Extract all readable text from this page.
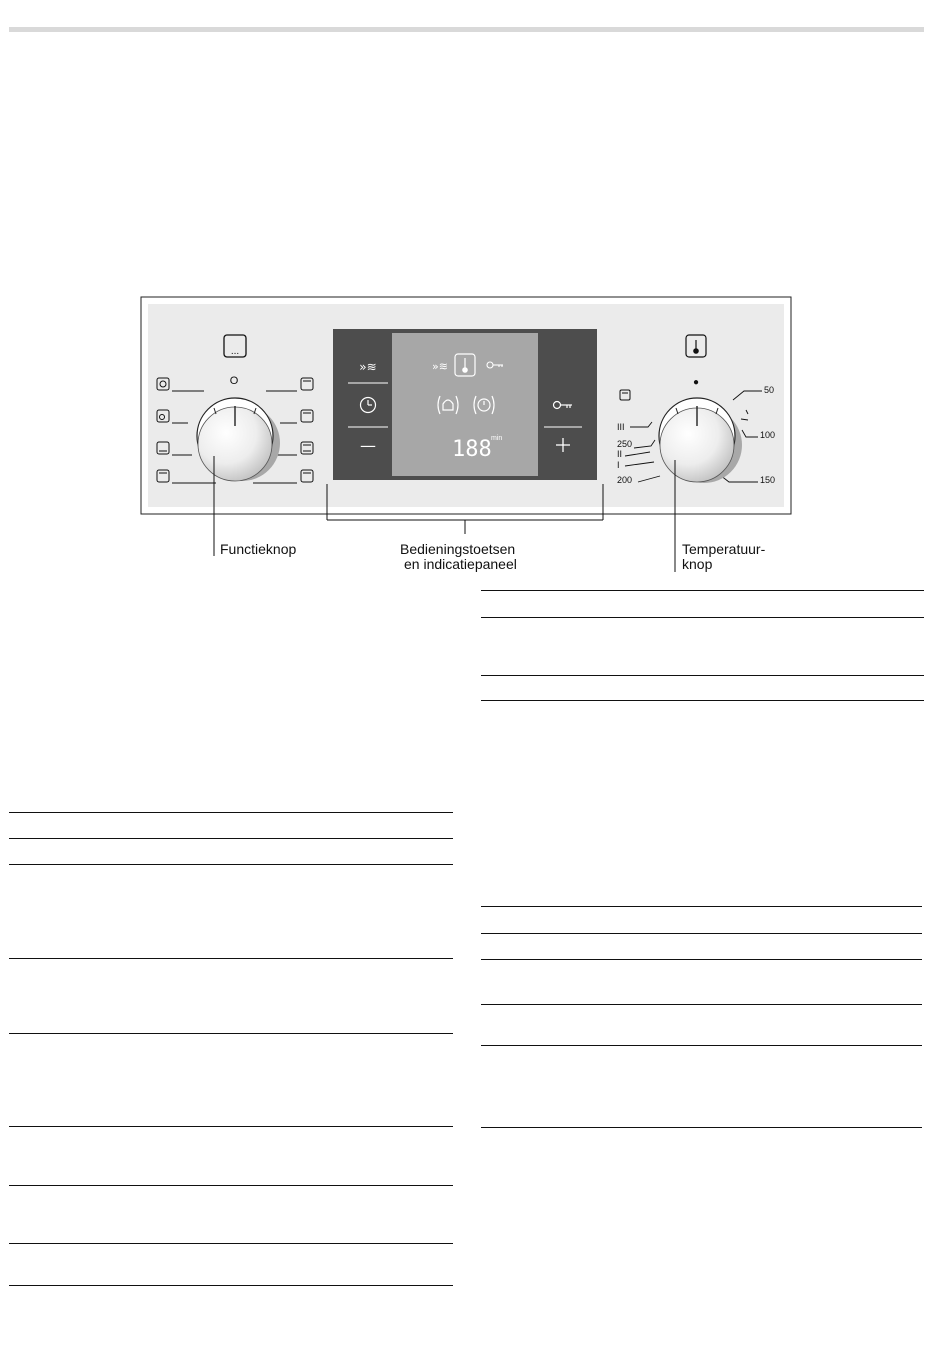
...
O
»≋
—
»≋
188 min
●
50
100
150
200
250
III
II
I
Functieknop	Bedieningstoetsen
en indicatiepaneel
Temperatuur-
knop
